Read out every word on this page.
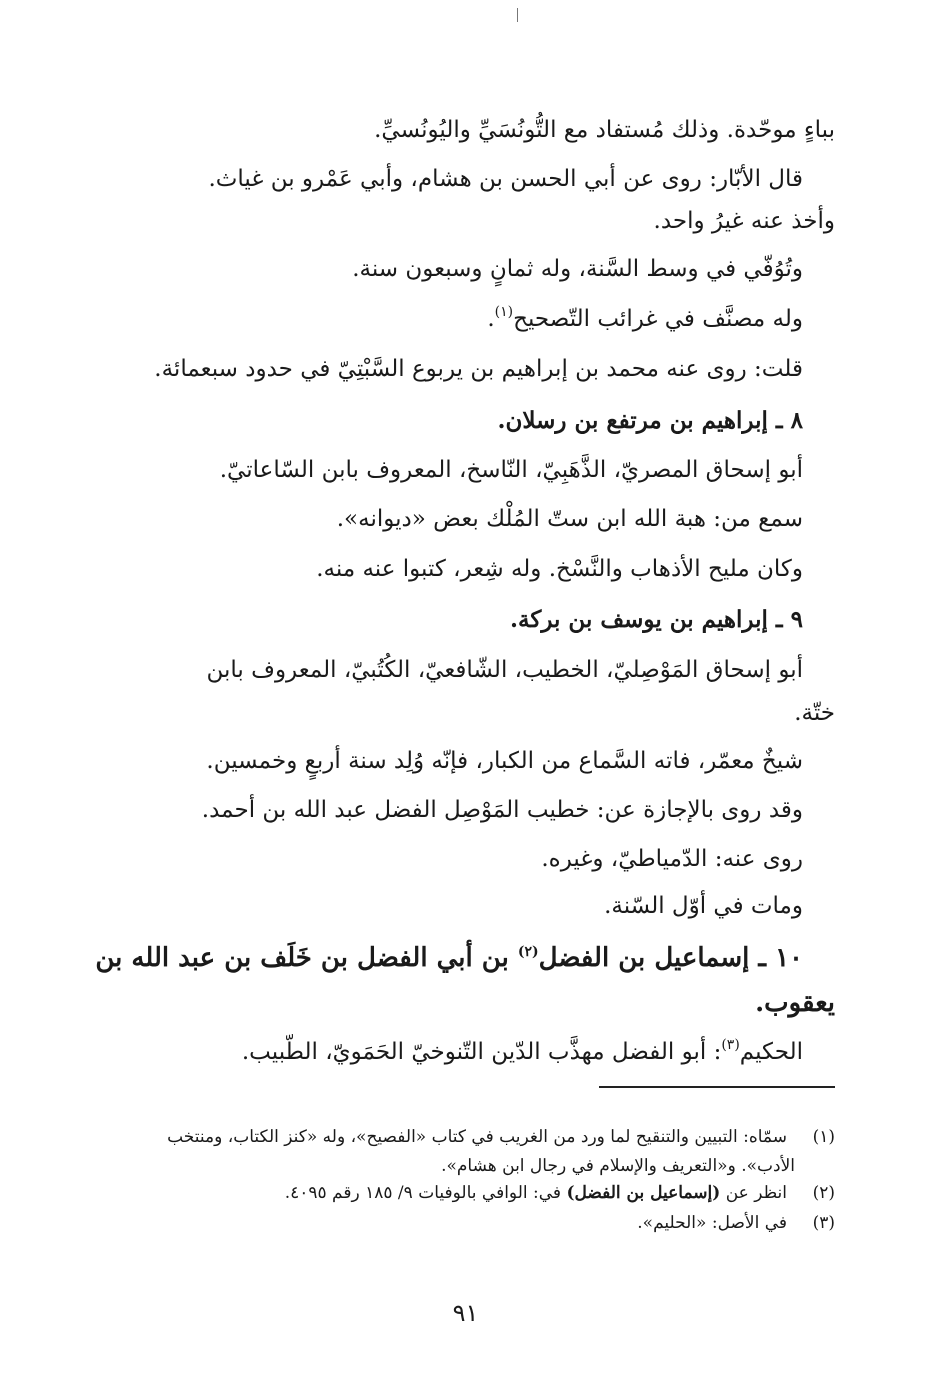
بباءٍ موحّدة. وذلك مُستفاد مع التُّونُسَيِّ واليُونُسيِّ.
قال الأبّار: روى عن أبي الحسن بن هشام، وأبي عَمْرو بن غياث.
وأخذ عنه غيرُ واحد.
وتُوُفّي في وسط السَّنة، وله ثمانٍ وسبعون سنة.
وله مصنَّف في غرائب التّصحيح$^{(١)}$.
قلت: روى عنه محمد بن إبراهيم بن يربوع السَّبْتِيّ في حدود سبعمائة.
٨ ـ إبراهيم بن مرتفع بن رسلان.
أبو إسحاق المصريّ، الذَّهَبِيّ، النّاسخ، المعروف بابن السّاعاتيّ.
سمع من: هبة الله ابن ستّ المُلْك بعض «ديوانه».
وكان مليح الأذهاب والنَّسْخ. وله شِعر، كتبوا عنه منه.
٩ ـ إبراهيم بن يوسف بن بركة.
أبو إسحاق المَوْصِليّ، الخطيب، الشّافعيّ، الكُتُبيّ، المعروف بابن
ختّة.
شيخٌ معمّر، فاته السَّماع من الكبار، فإنّه وُلِد سنة أربعٍ وخمسين.
وقد روى بالإجازة عن: خطيب المَوْصِل الفضل عبد الله بن أحمد.
روى عنه: الدّمياطيّ، وغيره.
ومات في أوّل السّنة.
١٠ ـ إسماعيل بن الفضل$^{(٢)}$ بن أبي الفضل بن خَلَف بن عبد الله بن
يعقوب.
الحكيم$^{(٣)}$: أبو الفضل مهذَّب الدّين التّنوخيّ الحَمَويّ، الطّبيب.
(١)
سمّاه: التبيين والتنقيح لما ورد من الغريب في كتاب «الفصيح»، وله «كنز الكتاب، ومنتخب
الأدب». و«التعريف والإسلام في رجال ابن هشام».
(٢)
انظر عن (إسماعيل بن الفضل) في: الوافي بالوفيات ٩/ ١٨٥ رقم ٤٠٩٥.
(٣)
في الأصل: «الحليم».
٩١
